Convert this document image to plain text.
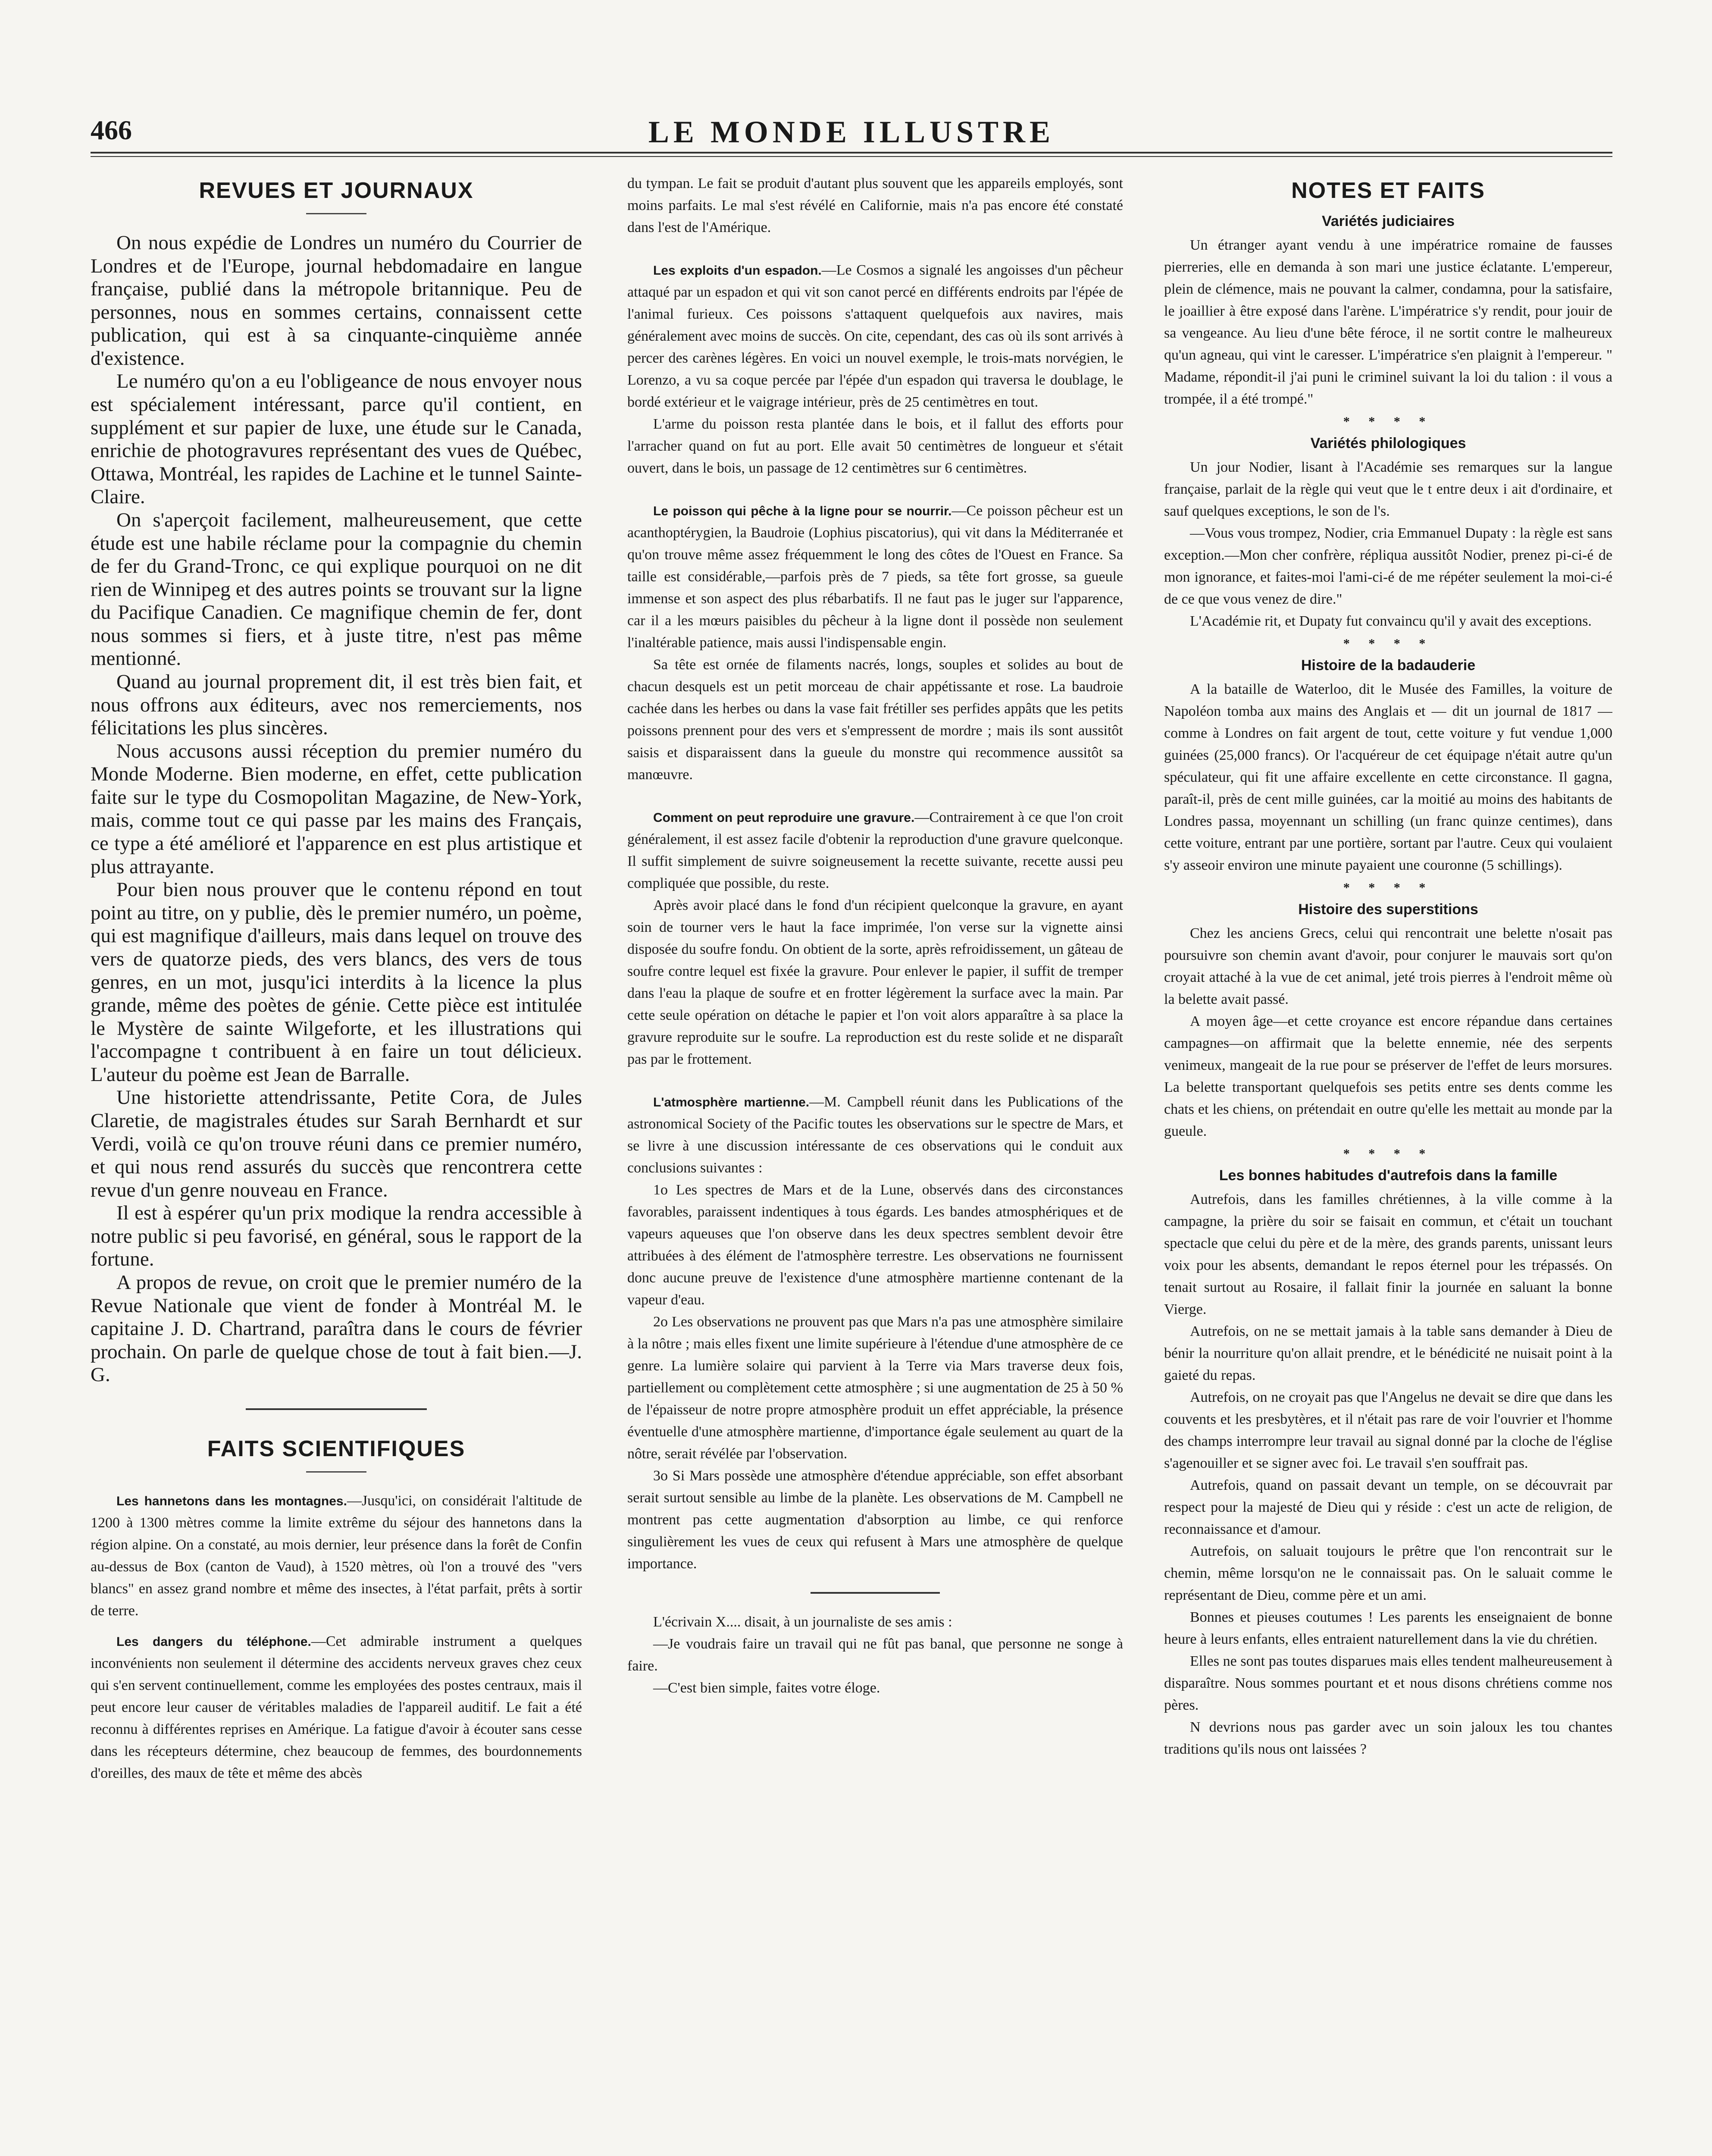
466	LE MONDE ILLUSTRE
REVUES ET JOURNAUX

On nous expédie de Londres un numéro du Courrier de Londres et de l'Europe, journal hebdomadaire en langue française, publié dans la métropole britannique. Peu de personnes, nous en sommes certains, connaissent cette publication, qui est à sa cinquante-cinquième année d'existence.

Le numéro qu'on a eu l'obligeance de nous envoyer nous est spécialement intéressant, parce qu'il contient, en supplément et sur papier de luxe, une étude sur le Canada, enrichie de photogravures représentant des vues de Québec, Ottawa, Montréal, les rapides de Lachine et le tunnel Sainte-Claire.

On s'aperçoit facilement, malheureusement, que cette étude est une habile réclame pour la compagnie du chemin de fer du Grand-Tronc, ce qui explique pourquoi on ne dit rien de Winnipeg et des autres points se trouvant sur la ligne du Pacifique Canadien. Ce magnifique chemin de fer, dont nous sommes si fiers, et à juste titre, n'est pas même mentionné.

Quand au journal proprement dit, il est très bien fait, et nous offrons aux éditeurs, avec nos remerciements, nos félicitations les plus sincères.

Nous accusons aussi réception du premier numéro du Monde Moderne. Bien moderne, en effet, cette publication faite sur le type du Cosmopolitan Magazine, de New-York, mais, comme tout ce qui passe par les mains des Français, ce type a été amélioré et l'apparence en est plus artistique et plus attrayante.

Pour bien nous prouver que le contenu répond en tout point au titre, on y publie, dès le premier numéro, un poème, qui est magnifique d'ailleurs, mais dans lequel on trouve des vers de quatorze pieds, des vers blancs, des vers de tous genres, en un mot, jusqu'ici interdits à la licence la plus grande, même des poètes de génie. Cette pièce est intitulée le Mystère de sainte Wilgeforte, et les illustrations qui l'accompagne t contribuent à en faire un tout délicieux. L'auteur du poème est Jean de Barralle.

Une historiette attendrissante, Petite Cora, de Jules Claretie, de magistrales études sur Sarah Bernhardt et sur Verdi, voilà ce qu'on trouve réuni dans ce premier numéro, et qui nous rend assurés du succès que rencontrera cette revue d'un genre nouveau en France.

Il est à espérer qu'un prix modique la rendra accessible à notre public si peu favorisé, en général, sous le rapport de la fortune.

A propos de revue, on croit que le premier numéro de la Revue Nationale que vient de fonder à Montréal M. le capitaine J. D. Chartrand, paraîtra dans le cours de février prochain. On parle de quelque chose de tout à fait bien.—J. G.

FAITS SCIENTIFIQUES

Les hannetons dans les montagnes.—Jusqu'ici, on considérait l'altitude de 1200 à 1300 mètres comme la limite extrême du séjour des hannetons dans la région alpine. On a constaté, au mois dernier, leur présence dans la forêt de Confin au-dessus de Box (canton de Vaud), à 1520 mètres, où l'on a trouvé des "vers blancs" en assez grand nombre et même des insectes, à l'état parfait, prêts à sortir de terre.

Les dangers du téléphone.—Cet admirable instrument a quelques inconvénients non seulement il détermine des accidents nerveux graves chez ceux qui s'en servent continuellement, comme les employées des postes centraux, mais il peut encore leur causer de véritables maladies de l'appareil auditif. Le fait a été reconnu à différentes reprises en Amérique. La fatigue d'avoir à écouter sans cesse dans les récepteurs détermine, chez beaucoup de femmes, des bourdonnements d'oreilles, des maux de tête et même des abcès

du tympan. Le fait se produit d'autant plus souvent que les appareils employés, sont moins parfaits. Le mal s'est révélé en Californie, mais n'a pas encore été constaté dans l'est de l'Amérique.

Les exploits d'un espadon.—Le Cosmos a signalé les angoisses d'un pêcheur attaqué par un espadon et qui vit son canot percé en différents endroits par l'épée de l'animal furieux. Ces poissons s'attaquent quelquefois aux navires, mais généralement avec moins de succès. On cite, cependant, des cas où ils sont arrivés à percer des carènes légères. En voici un nouvel exemple, le trois-mats norvégien, le Lorenzo, a vu sa coque percée par l'épée d'un espadon qui traversa le doublage, le bordé extérieur et le vaigrage intérieur, près de 25 centimètres en tout.

L'arme du poisson resta plantée dans le bois, et il fallut des efforts pour l'arracher quand on fut au port. Elle avait 50 centimètres de longueur et s'était ouvert, dans le bois, un passage de 12 centimètres sur 6 centimètres.

Le poisson qui pêche à la ligne pour se nourrir.—Ce poisson pêcheur est un acanthoptérygien, la Baudroie (Lophius piscatorius), qui vit dans la Méditerranée et qu'on trouve même assez fréquemment le long des côtes de l'Ouest en France. Sa taille est considérable,—parfois près de 7 pieds, sa tête fort grosse, sa gueule immense et son aspect des plus rébarbatifs. Il ne faut pas le juger sur l'apparence, car il a les mœurs paisibles du pêcheur à la ligne dont il possède non seulement l'inaltérable patience, mais aussi l'indispensable engin.

Sa tête est ornée de filaments nacrés, longs, souples et solides au bout de chacun desquels est un petit morceau de chair appétissante et rose. La baudroie cachée dans les herbes ou dans la vase fait frétiller ses perfides appâts que les petits poissons prennent pour des vers et s'empressent de mordre ; mais ils sont aussitôt saisis et disparaissent dans la gueule du monstre qui recommence aussitôt sa manœuvre.

Comment on peut reproduire une gravure.—Contrairement à ce que l'on croit généralement, il est assez facile d'obtenir la reproduction d'une gravure quelconque. Il suffit simplement de suivre soigneusement la recette suivante, recette aussi peu compliquée que possible, du reste.

Après avoir placé dans le fond d'un récipient quelconque la gravure, en ayant soin de tourner vers le haut la face imprimée, l'on verse sur la vignette ainsi disposée du soufre fondu. On obtient de la sorte, après refroidissement, un gâteau de soufre contre lequel est fixée la gravure. Pour enlever le papier, il suffit de tremper dans l'eau la plaque de soufre et en frotter légèrement la surface avec la main. Par cette seule opération on détache le papier et l'on voit alors apparaître à sa place la gravure reproduite sur le soufre. La reproduction est du reste solide et ne disparaît pas par le frottement.

L'atmosphère martienne.—M. Campbell réunit dans les Publications of the astronomical Society of the Pacific toutes les observations sur le spectre de Mars, et se livre à une discussion intéressante de ces observations qui le conduit aux conclusions suivantes :

1o Les spectres de Mars et de la Lune, observés dans des circonstances favorables, paraissent indentiques à tous égards. Les bandes atmosphériques et de vapeurs aqueuses que l'on observe dans les deux spectres semblent devoir être attribuées à des élément de l'atmosphère terrestre. Les observations ne fournissent donc aucune preuve de l'existence d'une atmosphère martienne contenant de la vapeur d'eau.

2o Les observations ne prouvent pas que Mars n'a pas une atmosphère similaire à la nôtre ; mais elles fixent une limite supérieure à l'étendue d'une atmosphère de ce genre. La lumière solaire qui parvient à la Terre via Mars traverse deux fois, partiellement ou complètement cette atmosphère ; si une augmentation de 25 à 50 % de l'épaisseur de notre propre atmosphère produit un effet appréciable, la présence éventuelle d'une atmosphère martienne, d'importance égale seulement au quart de la nôtre, serait révélée par l'observation.

3o Si Mars possède une atmosphère d'étendue appréciable, son effet absorbant serait surtout sensible au limbe de la planète. Les observations de M. Campbell ne montrent pas cette augmentation d'absorption au limbe, ce qui renforce singulièrement les vues de ceux qui refusent à Mars une atmosphère de quelque importance.

L'écrivain X.... disait, à un journaliste de ses amis :

—Je voudrais faire un travail qui ne fût pas banal, que personne ne songe à faire.

—C'est bien simple, faites votre éloge.

NOTES ET FAITS
Variétés judiciaires

Un étranger ayant vendu à une impératrice romaine de fausses pierreries, elle en demanda à son mari une justice éclatante. L'empereur, plein de clémence, mais ne pouvant la calmer, condamna, pour la satisfaire, le joaillier à être exposé dans l'arène. L'impératrice s'y rendit, pour jouir de sa vengeance. Au lieu d'une bête féroce, il ne sortit contre le malheureux qu'un agneau, qui vint le caresser. L'impératrice s'en plaignit à l'empereur. " Madame, répondit-il j'ai puni le criminel suivant la loi du talion : il vous a trompée, il a été trompé."

* * * *
Variétés philologiques

Un jour Nodier, lisant à l'Académie ses remarques sur la langue française, parlait de la règle qui veut que le t entre deux i ait d'ordinaire, et sauf quelques exceptions, le son de l's.

—Vous vous trompez, Nodier, cria Emmanuel Dupaty : la règle est sans exception.—Mon cher confrère, répliqua aussitôt Nodier, prenez pi-ci-é de mon ignorance, et faites-moi l'ami-ci-é de me répéter seulement la moi-ci-é de ce que vous venez de dire."

L'Académie rit, et Dupaty fut convaincu qu'il y avait des exceptions.

* * * *
Histoire de la badauderie

A la bataille de Waterloo, dit le Musée des Familles, la voiture de Napoléon tomba aux mains des Anglais et — dit un journal de 1817 — comme à Londres on fait argent de tout, cette voiture y fut vendue 1,000 guinées (25,000 francs). Or l'acquéreur de cet équipage n'était autre qu'un spéculateur, qui fit une affaire excellente en cette circonstance. Il gagna, paraît-il, près de cent mille guinées, car la moitié au moins des habitants de Londres passa, moyennant un schilling (un franc quinze centimes), dans cette voiture, entrant par une portière, sortant par l'autre. Ceux qui voulaient s'y asseoir environ une minute payaient une couronne (5 schillings).

* * * *
Histoire des superstitions

Chez les anciens Grecs, celui qui rencontrait une belette n'osait pas poursuivre son chemin avant d'avoir, pour conjurer le mauvais sort qu'on croyait attaché à la vue de cet animal, jeté trois pierres à l'endroit même où la belette avait passé.

A moyen âge—et cette croyance est encore répandue dans certaines campagnes—on affirmait que la belette ennemie, née des serpents venimeux, mangeait de la rue pour se préserver de l'effet de leurs morsures. La belette transportant quelquefois ses petits entre ses dents comme les chats et les chiens, on prétendait en outre qu'elle les mettait au monde par la gueule.

* * * *
Les bonnes habitudes d'autrefois dans la famille

Autrefois, dans les familles chrétiennes, à la ville comme à la campagne, la prière du soir se faisait en commun, et c'était un touchant spectacle que celui du père et de la mère, des grands parents, unissant leurs voix pour les absents, demandant le repos éternel pour les trépassés. On tenait surtout au Rosaire, il fallait finir la journée en saluant la bonne Vierge.

Autrefois, on ne se mettait jamais à la table sans demander à Dieu de bénir la nourriture qu'on allait prendre, et le bénédicité ne nuisait point à la gaieté du repas.

Autrefois, on ne croyait pas que l'Angelus ne devait se dire que dans les couvents et les presbytères, et il n'était pas rare de voir l'ouvrier et l'homme des champs interrompre leur travail au signal donné par la cloche de l'église s'agenouiller et se signer avec foi. Le travail s'en souffrait pas.

Autrefois, quand on passait devant un temple, on se découvrait par respect pour la majesté de Dieu qui y réside : c'est un acte de religion, de reconnaissance et d'amour.

Autrefois, on saluait toujours le prêtre que l'on rencontrait sur le chemin, même lorsqu'on ne le connaissait pas. On le saluait comme le représentant de Dieu, comme père et un ami.

Bonnes et pieuses coutumes ! Les parents les enseignaient de bonne heure à leurs enfants, elles entraient naturellement dans la vie du chrétien.

Elles ne sont pas toutes disparues mais elles tendent malheureusement à disparaître. Nous sommes pourtant et et nous disons chrétiens comme nos pères.

N devrions nous pas garder avec un soin jaloux les tou chantes traditions qu'ils nous ont laissées ?
